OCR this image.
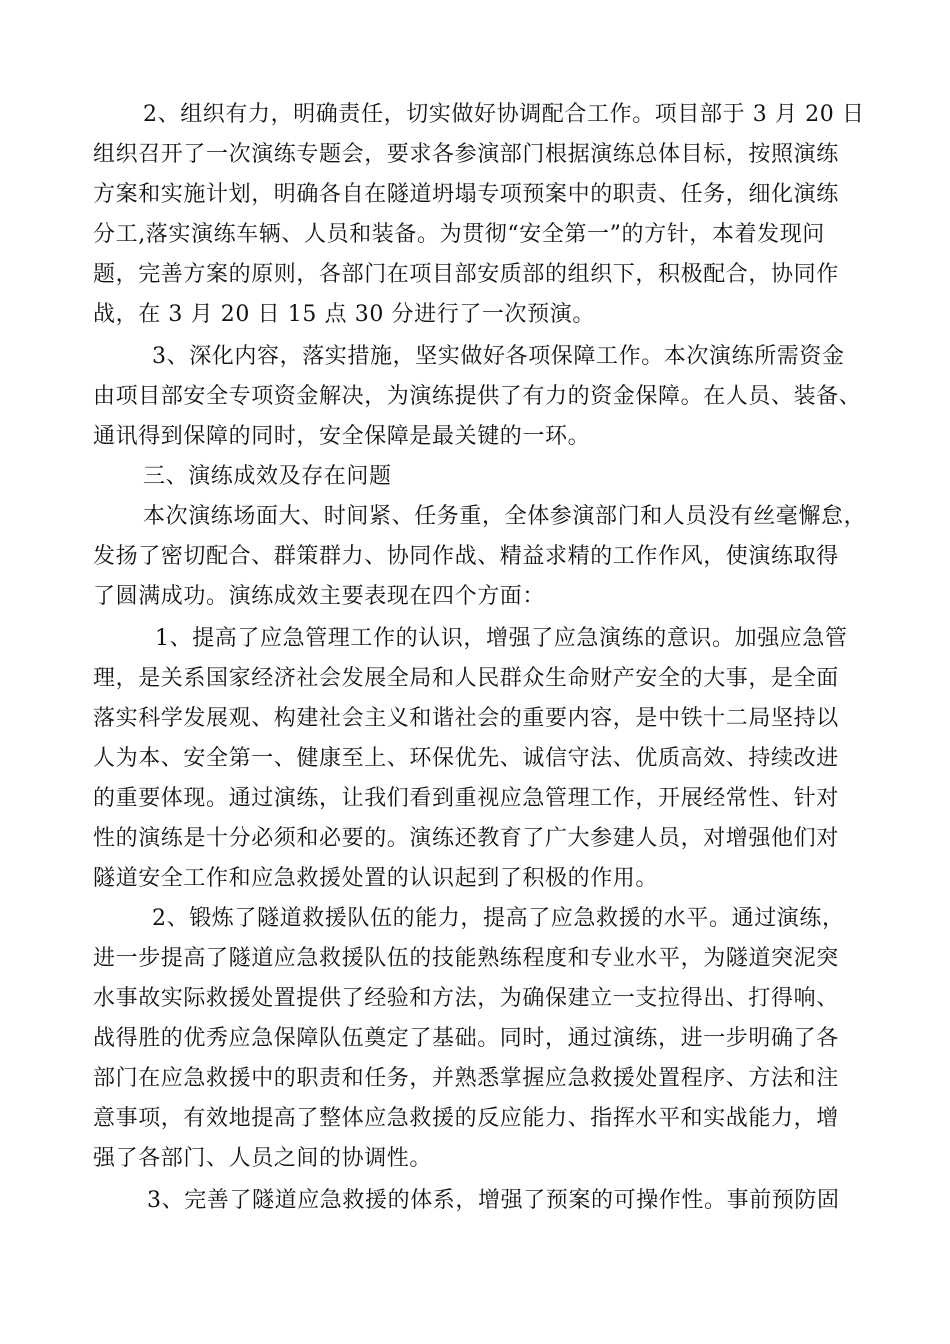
2、组织有力，明确责任，切实做好协调配合工作。项目部于 3 月 20 日
组织召开了一次演练专题会，要求各参演部门根据演练总体目标，按照演练
方案和实施计划，明确各自在隧道坍塌专项预案中的职责、任务，细化演练
分工,落实演练车辆、人员和装备。为贯彻“安全第一”的方针，本着发现问
题，完善方案的原则，各部门在项目部安质部的组织下，积极配合，协同作
战，在 3 月 20 日 15 点 30 分进行了一次预演。
3、深化内容，落实措施，坚实做好各项保障工作。本次演练所需资金
由项目部安全专项资金解决，为演练提供了有力的资金保障。在人员、装备、
通讯得到保障的同时，安全保障是最关键的一环。
三、演练成效及存在问题
本次演练场面大、时间紧、任务重，全体参演部门和人员没有丝毫懈怠，
发扬了密切配合、群策群力、协同作战、精益求精的工作作风，使演练取得
了圆满成功。演练成效主要表现在四个方面：
1、提高了应急管理工作的认识，增强了应急演练的意识。加强应急管
理，是关系国家经济社会发展全局和人民群众生命财产安全的大事，是全面
落实科学发展观、构建社会主义和谐社会的重要内容，是中铁十二局坚持以
人为本、安全第一、健康至上、环保优先、诚信守法、优质高效、持续改进
的重要体现。通过演练，让我们看到重视应急管理工作，开展经常性、针对
性的演练是十分必须和必要的。演练还教育了广大参建人员，对增强他们对
隧道安全工作和应急救援处置的认识起到了积极的作用。
2、锻炼了隧道救援队伍的能力，提高了应急救援的水平。通过演练，
进一步提高了隧道应急救援队伍的技能熟练程度和专业水平，为隧道突泥突
水事故实际救援处置提供了经验和方法，为确保建立一支拉得出、打得响、
战得胜的优秀应急保障队伍奠定了基础。同时，通过演练，进一步明确了各
部门在应急救援中的职责和任务，并熟悉掌握应急救援处置程序、方法和注
意事项，有效地提高了整体应急救援的反应能力、指挥水平和实战能力，增
强了各部门、人员之间的协调性。
3、完善了隧道应急救援的体系，增强了预案的可操作性。事前预防固
